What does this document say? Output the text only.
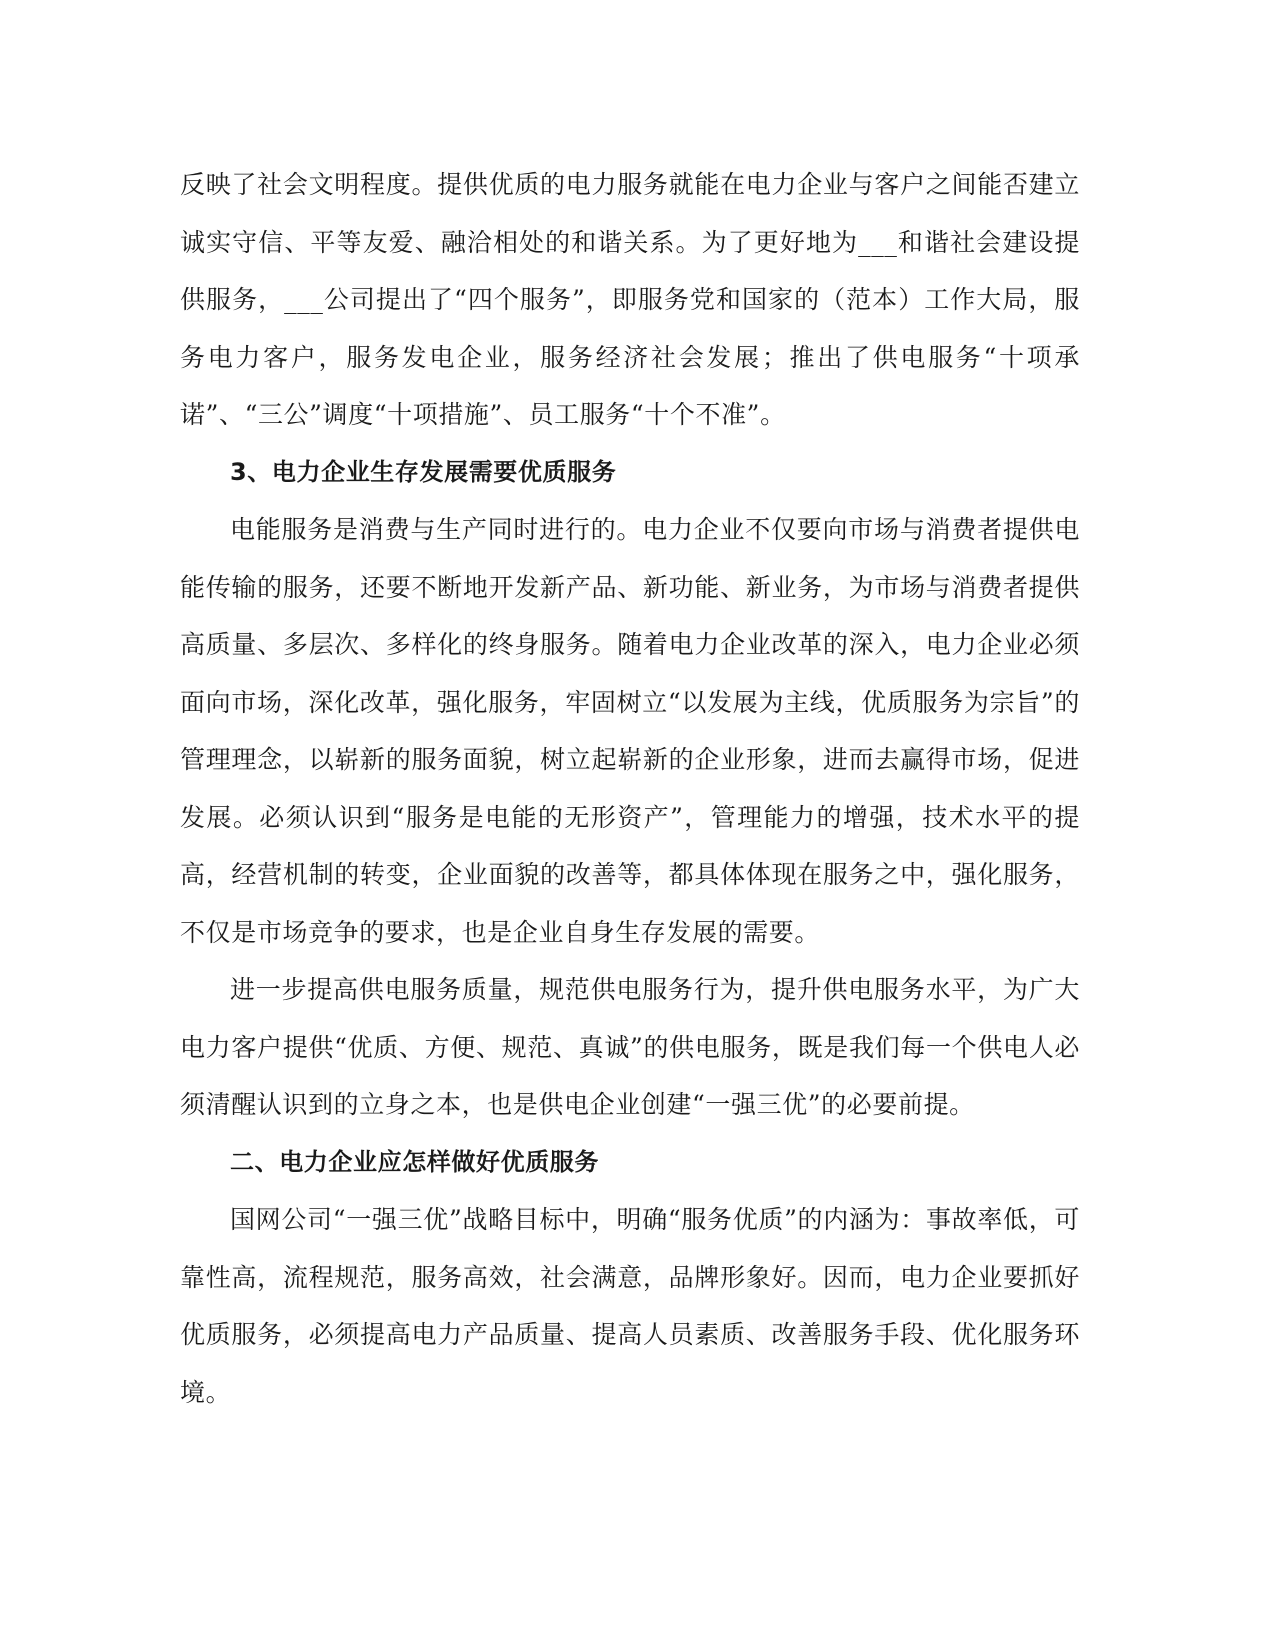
反映了社会文明程度。提供优质的电力服务就能在电力企业与客户之间能否建立诚实守信、平等友爱、融洽相处的和谐关系。为了更好地为___和谐社会建设提供服务，___公司提出了“四个服务”，即服务党和国家的（范本）工作大局，服务电力客户，服务发电企业，服务经济社会发展；推出了供电服务“十项承诺”、“三公”调度“十项措施”、员工服务“十个不准”。

3、电力企业生存发展需要优质服务

电能服务是消费与生产同时进行的。电力企业不仅要向市场与消费者提供电能传输的服务，还要不断地开发新产品、新功能、新业务，为市场与消费者提供高质量、多层次、多样化的终身服务。随着电力企业改革的深入，电力企业必须面向市场，深化改革，强化服务，牢固树立“以发展为主线，优质服务为宗旨”的管理理念，以崭新的服务面貌，树立起崭新的企业形象，进而去赢得市场，促进发展。必须认识到“服务是电能的无形资产”，管理能力的增强，技术水平的提高，经营机制的转变，企业面貌的改善等，都具体体现在服务之中，强化服务，不仅是市场竞争的要求，也是企业自身生存发展的需要。

进一步提高供电服务质量，规范供电服务行为，提升供电服务水平，为广大电力客户提供“优质、方便、规范、真诚”的供电服务，既是我们每一个供电人必须清醒认识到的立身之本，也是供电企业创建“一强三优”的必要前提。

二、电力企业应怎样做好优质服务

国网公司“一强三优”战略目标中，明确“服务优质”的内涵为：事故率低，可靠性高，流程规范，服务高效，社会满意，品牌形象好。因而，电力企业要抓好优质服务，必须提高电力产品质量、提高人员素质、改善服务手段、优化服务环境。
